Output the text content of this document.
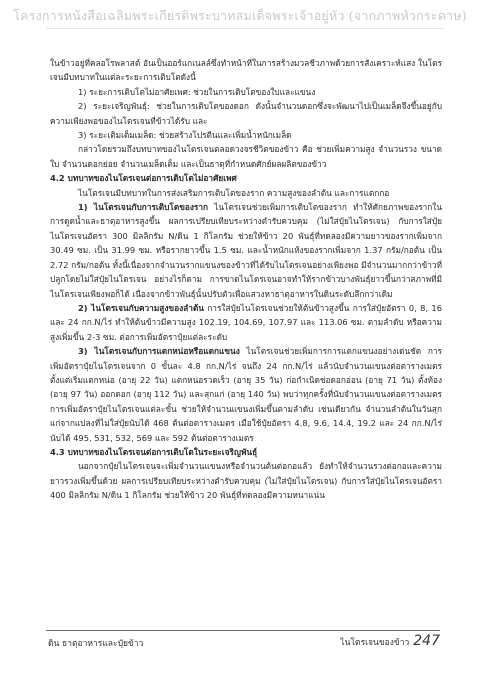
โครงการหนังสือเฉลิมพระเกียรติพระบาทสมเด็จพระเจ้าอยู่หัว (จากภาพหัวกระดาษ)

ในข้าวอยู่ที่คลอโรพลาสต์ อันเป็นออร์แกเนลล์ซึ่งทำหน้าที่ในการสร้างมวลชีวภาพด้วยการสังเคราะห์แสง ในโตรเจนมีบทบาทในแต่ละระยะการเติบโตดังนี้

1) ระยะการเติบโตไม่อาศัยเพศ: ช่วยในการเติบโตของใบและแขนง

2) ระยะเจริญพันธุ์: ช่วยในการเติบโตของดอก ดังนั้นจำนวนดอกซึ่งจะพัฒนาไปเป็นเมล็ดจึงขึ้นอยู่กับความเพียงพอของไนโตรเจนที่ข้าวได้รับ และ

3) ระยะเติมเต็มเมล็ด: ช่วยสร้างโปรตีนและเพิ่มน้ำหนักเมล็ด

กล่าวโดยรวมถึงบทบาทของไนโตรเจนตลอดวงจรชีวิตของข้าว คือ ช่วยเพิ่มความสูง จำนวนรวง ขนาดใบ จำนวนดอกย่อย จำนวนเมล็ดเต็ม และเป็นธาตุที่กำหนดศักย์ผลผลิตของข้าว

4.2 บทบาทของไนโตรเจนต่อการเติบโตไม่อาศัยเพศ

ไนโตรเจนมีบทบาทในการส่งเสริมการเติบโตของราก ความสูงของลำต้น และการแตกกอ

1) ไนโตรเจนกับการเติบโตของราก ไนโตรเจนช่วยเพิ่มการเติบโตของราก ทำให้ศักยภาพของรากในการดูดน้ำและธาตุอาหารสูงขึ้น ผลการเปรียบเทียบระหว่างตำรับควบคุม (ไม่ใส่ปุ๋ยไนโตรเจน) กับการใส่ปุ๋ยไนโตรเจนอัตรา 300 มิลลิกรัม N/ดิน 1 กิโลกรัม ช่วยให้ข้าว 20 พันธุ์ที่ทดลองมีความยาวของรากเพิ่มจาก 30.49 ซม. เป็น 31.99 ซม. หรือรากยาวขึ้น 1.5 ซม. และน้ำหนักแห้งของรากเพิ่มจาก 1.37 กรัม/กอต้น เป็น 2.72 กรัม/กอต้น ทั้งนี้เนื่องจากจำนวนรากแขนงของข้าวที่ได้รับไนโตรเจนอย่างเพียงพอ มีจำนวนมากกว่าข้าวที่ปลูกโดยไม่ใส่ปุ๋ยไนโตรเจน อย่างไรก็ตาม การขาดไนโตรเจนอาจทำให้รากข้าวบางพันธุ์ยาวขึ้นกว่าสภาพที่มีไนโตรเจนเพียงพอก็ได้ เนื่องจากข้าวพันธุ์นั้นปรับตัวเพื่อแสวงหาธาตุอาหารในดินระดับลึกกว่าเดิม

2) ไนโตรเจนกับความสูงของลำต้น การใส่ปุ๋ยไนโตรเจนช่วยให้ต้นข้าวสูงขึ้น การใส่ปุ๋ยอัตรา 0, 8, 16 และ 24 กก.N/ไร่ ทำให้ต้นข้าวมีความสูง 102.19, 104.69, 107.97 และ 113.06 ซม. ตามลำดับ หรือความสูงเพิ่มขึ้น 2-3 ซม. ต่อการเพิ่มอัตราปุ๋ยแต่ละระดับ

3) ไนโตรเจนกับการแตกหน่อหรือแตกแขนง ไนโตรเจนช่วยเพิ่มการการแตกแขนงอย่างเด่นชัด การเพิ่มอัตราปุ๋ยไนโตรเจนจาก 0 ขั้นละ 4.8 กก.N/ไร่ จนถึง 24 กก.N/ไร่ แล้วนับจำนวนแขนงต่อตารางเมตร ตั้งแต่เริ่มแตกหน่อ (อายุ 22 วัน) แตกหน่อรวดเร็ว (อายุ 35 วัน) ก่อกำเนิดช่อดอกอ่อน (อายุ 71 วัน) ตั้งท้อง (อายุ 97 วัน) ออกดอก (อายุ 112 วัน) และสุกแก่ (อายุ 140 วัน) พบว่าทุกครั้งที่นับจำนวนแขนงต่อตารางเมตร การเพิ่มอัตราปุ๋ยไนโตรเจนแต่ละขั้น ช่วยให้จำนวนแขนงเพิ่มขึ้นตามลำดับ เช่นเดียวกัน จำนวนลำต้นในวันสุกแก่จากแปลงที่ไม่ใส่ปุ๋ยนับได้ 468 ต้นต่อตารางเมตร เมื่อใช้ปุ๋ยอัตรา 4.8, 9.6, 14.4, 19.2 และ 24 กก.N/ไร่ นับได้ 495, 531, 532, 569 และ 592 ต้นต่อตารางเมตร

4.3 บทบาทของไนโตรเจนต่อการเติบโตในระยะเจริญพันธุ์

นอกจากปุ๋ยไนโตรเจนจะเพิ่มจำนวนแขนงหรือจำนวนต้นต่อกอแล้ว ยังทำให้จำนวนรวงต่อกอและความยาวรวงเพิ่มขึ้นด้วย ผลการเปรียบเทียบระหว่างตำรับควบคุม (ไม่ใส่ปุ๋ยไนโตรเจน) กับการใส่ปุ๋ยไนโตรเจนอัตรา 400 มิลลิกรัม N/ดิน 1 กิโลกรัม ช่วยให้ข้าว 20 พันธุ์ที่ทดลองมีความหนาแน่น

ดิน ธาตุอาหารและปุ๋ยข้าว	ไนโตรเจนของข้าว 247
